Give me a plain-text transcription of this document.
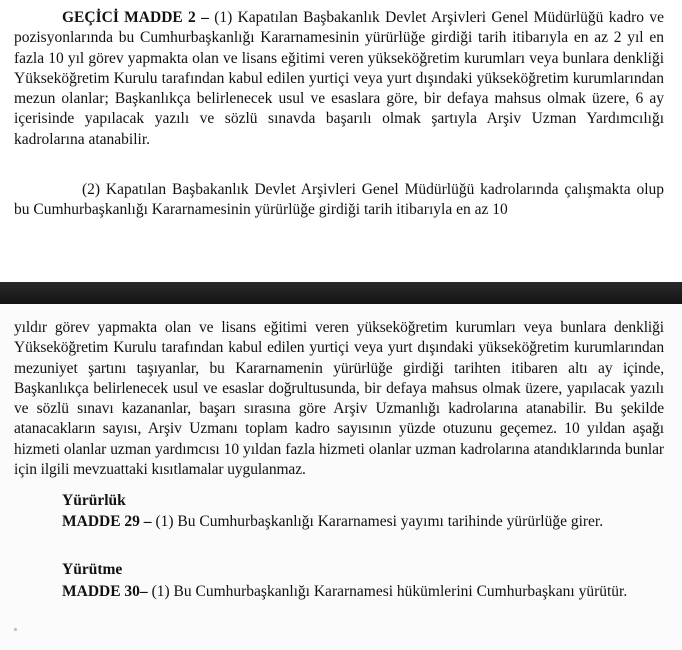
GEÇİCİ MADDE 2 – (1) Kapatılan Başbakanlık Devlet Arşivleri Genel Müdürlüğü kadro ve pozisyonlarında bu Cumhurbaşkanlığı Kararnamesinin yürürlüğe girdiği tarih itibarıyla en az 2 yıl en fazla 10 yıl görev yapmakta olan ve lisans eğitimi veren yükseköğretim kurumları veya bunlara denkliği Yükseköğretim Kurulu tarafından kabul edilen yurtiçi veya yurt dışındaki yükseköğretim kurumlarından mezun olanlar; Başkanlıkça belirlenecek usul ve esaslara göre, bir defaya mahsus olmak üzere, 6 ay içerisinde yapılacak yazılı ve sözlü sınavda başarılı olmak şartıyla Arşiv Uzman Yardımcılığı kadrolarına atanabilir.

(2) Kapatılan Başbakanlık Devlet Arşivleri Genel Müdürlüğü kadrolarında çalışmakta olup bu Cumhurbaşkanlığı Kararnamesinin yürürlüğe girdiği tarih itibarıyla en az 10

yıldır görev yapmakta olan ve lisans eğitimi veren yükseköğretim kurumları veya bunlara denkliği Yükseköğretim Kurulu tarafından kabul edilen yurtiçi veya yurt dışındaki yükseköğretim kurumlarından mezuniyet şartını taşıyanlar, bu Kararnamenin yürürlüğe girdiği tarihten itibaren altı ay içinde, Başkanlıkça belirlenecek usul ve esaslar doğrultusunda, bir defaya mahsus olmak üzere, yapılacak yazılı ve sözlü sınavı kazananlar, başarı sırasına göre Arşiv Uzmanlığı kadrolarına atanabilir. Bu şekilde atanacakların sayısı, Arşiv Uzmanı toplam kadro sayısının yüzde otuzunu geçemez. 10 yıldan aşağı hizmeti olanlar uzman yardımcısı 10 yıldan fazla hizmeti olanlar uzman kadrolarına atandıklarında bunlar için ilgili mevzuattaki kısıtlamalar uygulanmaz.

Yürürlük

MADDE 29 – (1) Bu Cumhurbaşkanlığı Kararnamesi yayımı tarihinde yürürlüğe girer.

Yürütme

MADDE 30– (1) Bu Cumhurbaşkanlığı Kararnamesi hükümlerini Cumhurbaşkanı yürütür.
